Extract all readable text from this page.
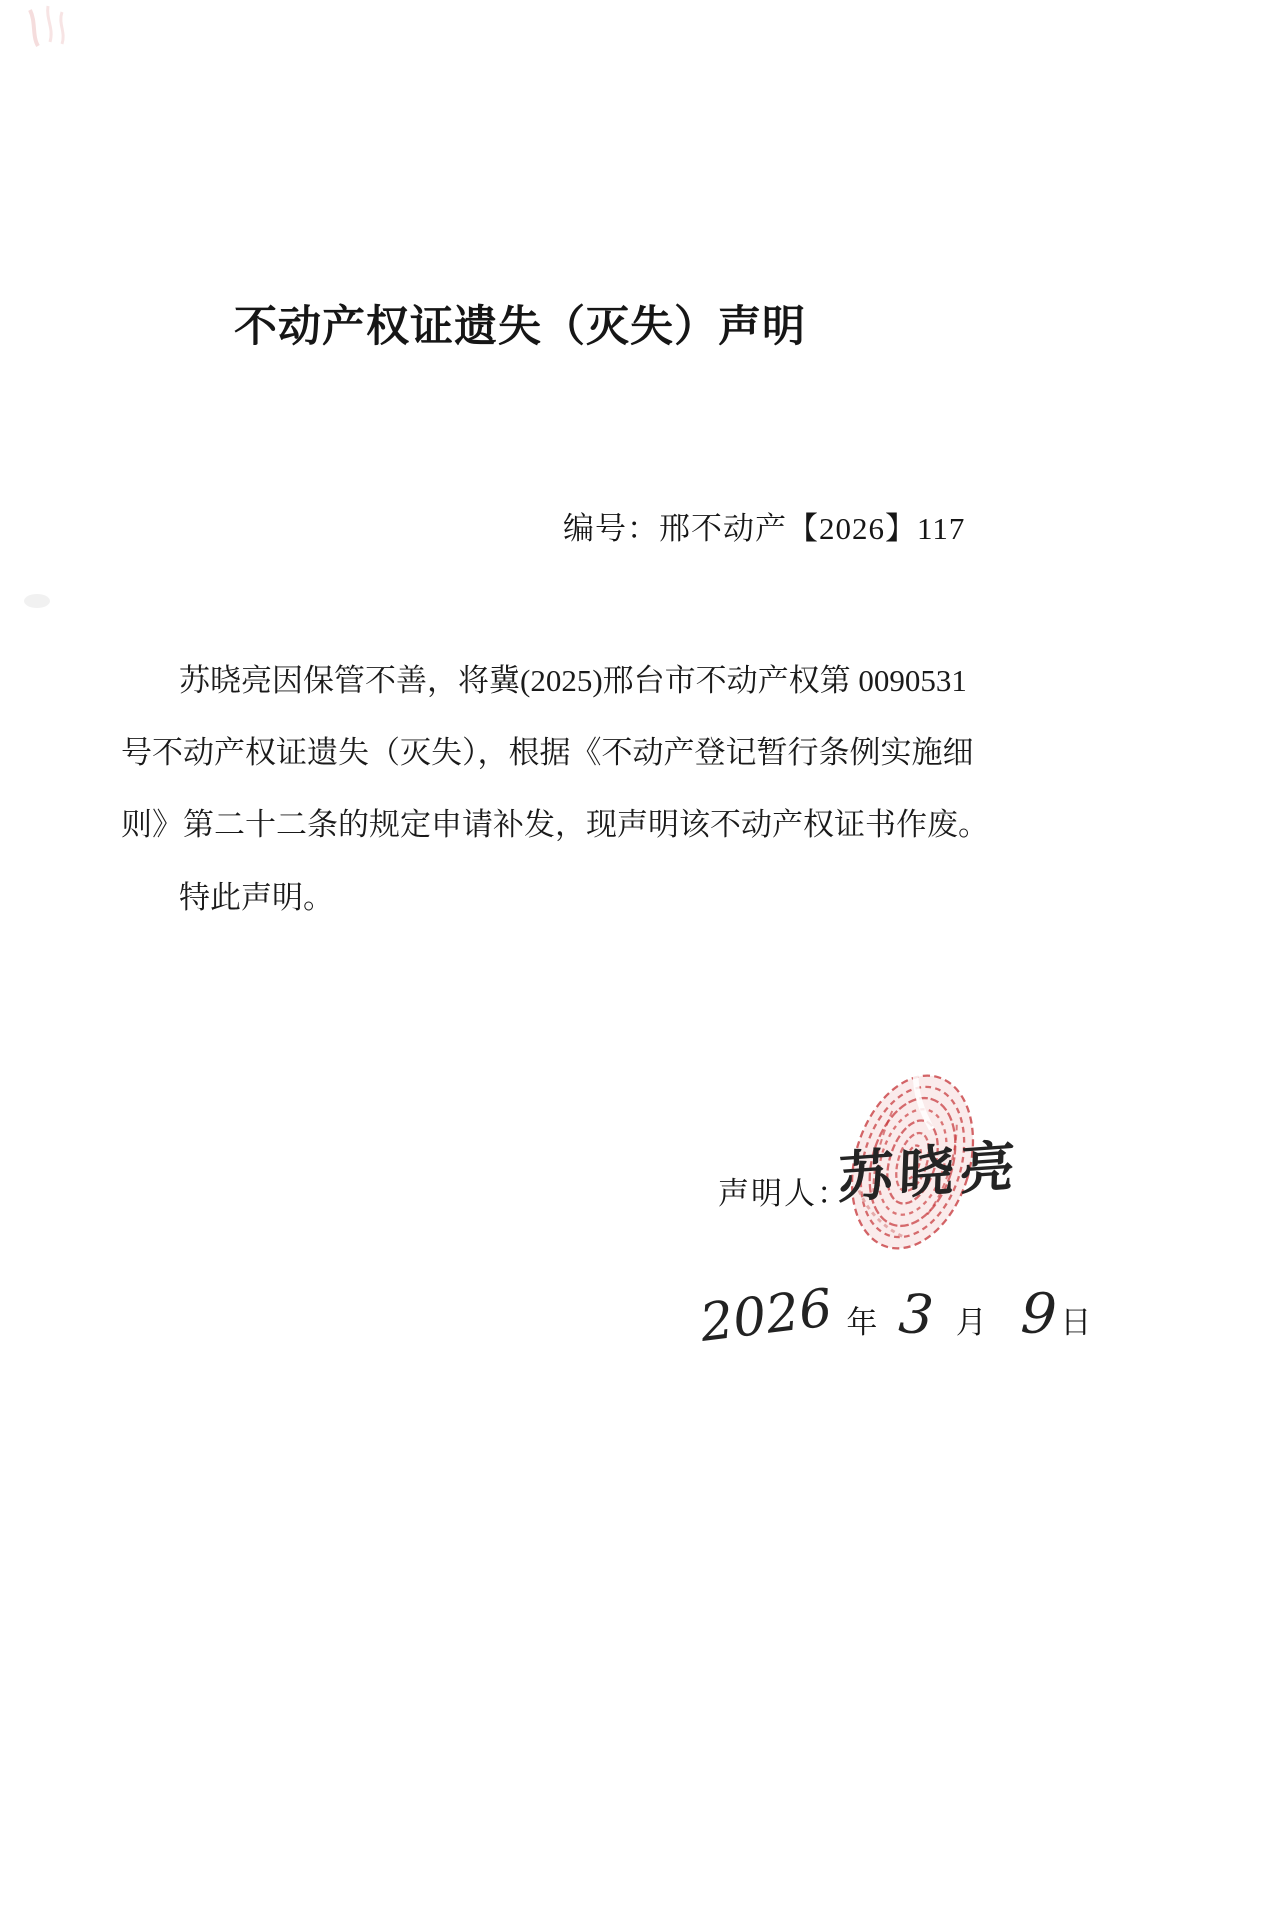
不动产权证遗失（灭失）声明
编号：邢不动产【2026】117
苏晓亮因保管不善，将冀(2025)邢台市不动产权第 0090531
号不动产权证遗失（灭失），根据《不动产登记暂行条例实施细
则》第二十二条的规定申请补发，现声明该不动产权证书作废。
特此声明。
声明人：
苏晓亮
2026 年 3 月 9 日
